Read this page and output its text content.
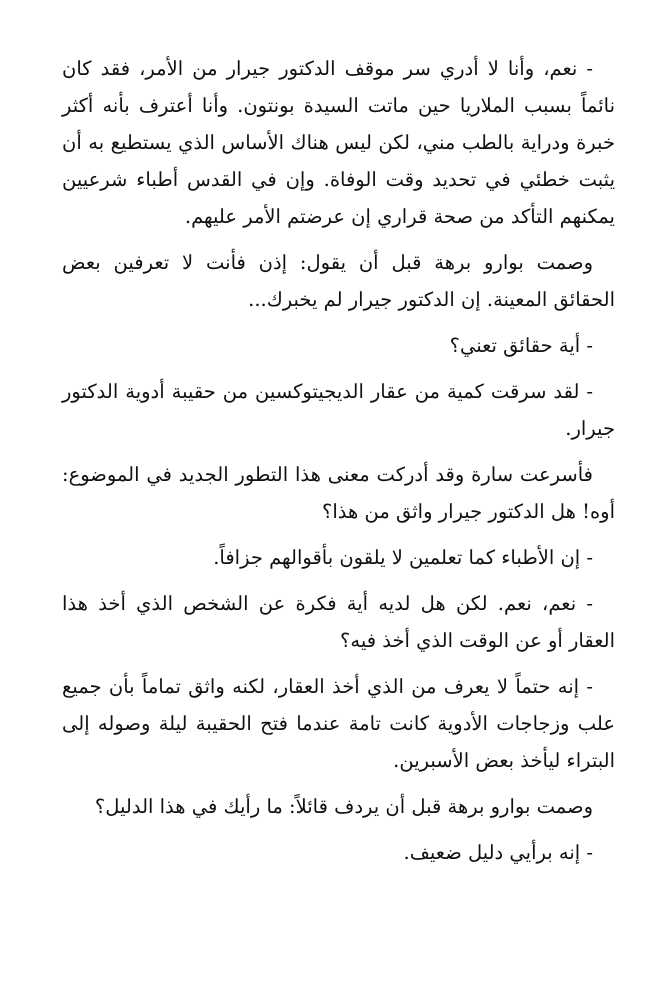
- نعم، وأنا لا أدري سر موقف الدكتور جيرار من الأمر، فقد كان نائماً بسبب الملاريا حين ماتت السيدة بونتون. وأنا أعترف بأنه أكثر خبرة ودراية بالطب مني، لكن ليس هناك الأساس الذي يستطيع به أن يثبت خطئي في تحديد وقت الوفاة. وإن في القدس أطباء شرعيين يمكنهم التأكد من صحة قراري إن عرضتم الأمر عليهم.

وصمت بوارو برهة قبل أن يقول: إذن فأنت لا تعرفين بعض الحقائق المعينة. إن الدكتور جيرار لم يخبرك...

- أية حقائق تعني؟

- لقد سرقت كمية من عقار الديجيتوكسين من حقيبة أدوية الدكتور جيرار.

فأسرعت سارة وقد أدركت معنى هذا التطور الجديد في الموضوع: أوه! هل الدكتور جيرار واثق من هذا؟

- إن الأطباء كما تعلمين لا يلقون بأقوالهم جزافاً.

- نعم، نعم. لكن هل لديه أية فكرة عن الشخص الذي أخذ هذا العقار أو عن الوقت الذي أخذ فيه؟

- إنه حتماً لا يعرف من الذي أخذ العقار، لكنه واثق تماماً بأن جميع علب وزجاجات الأدوية كانت تامة عندما فتح الحقيبة ليلة وصوله إلى البتراء ليأخذ بعض الأسبرين.

وصمت بوارو برهة قبل أن يردف قائلاً: ما رأيك في هذا الدليل؟

- إنه برأيي دليل ضعيف.
